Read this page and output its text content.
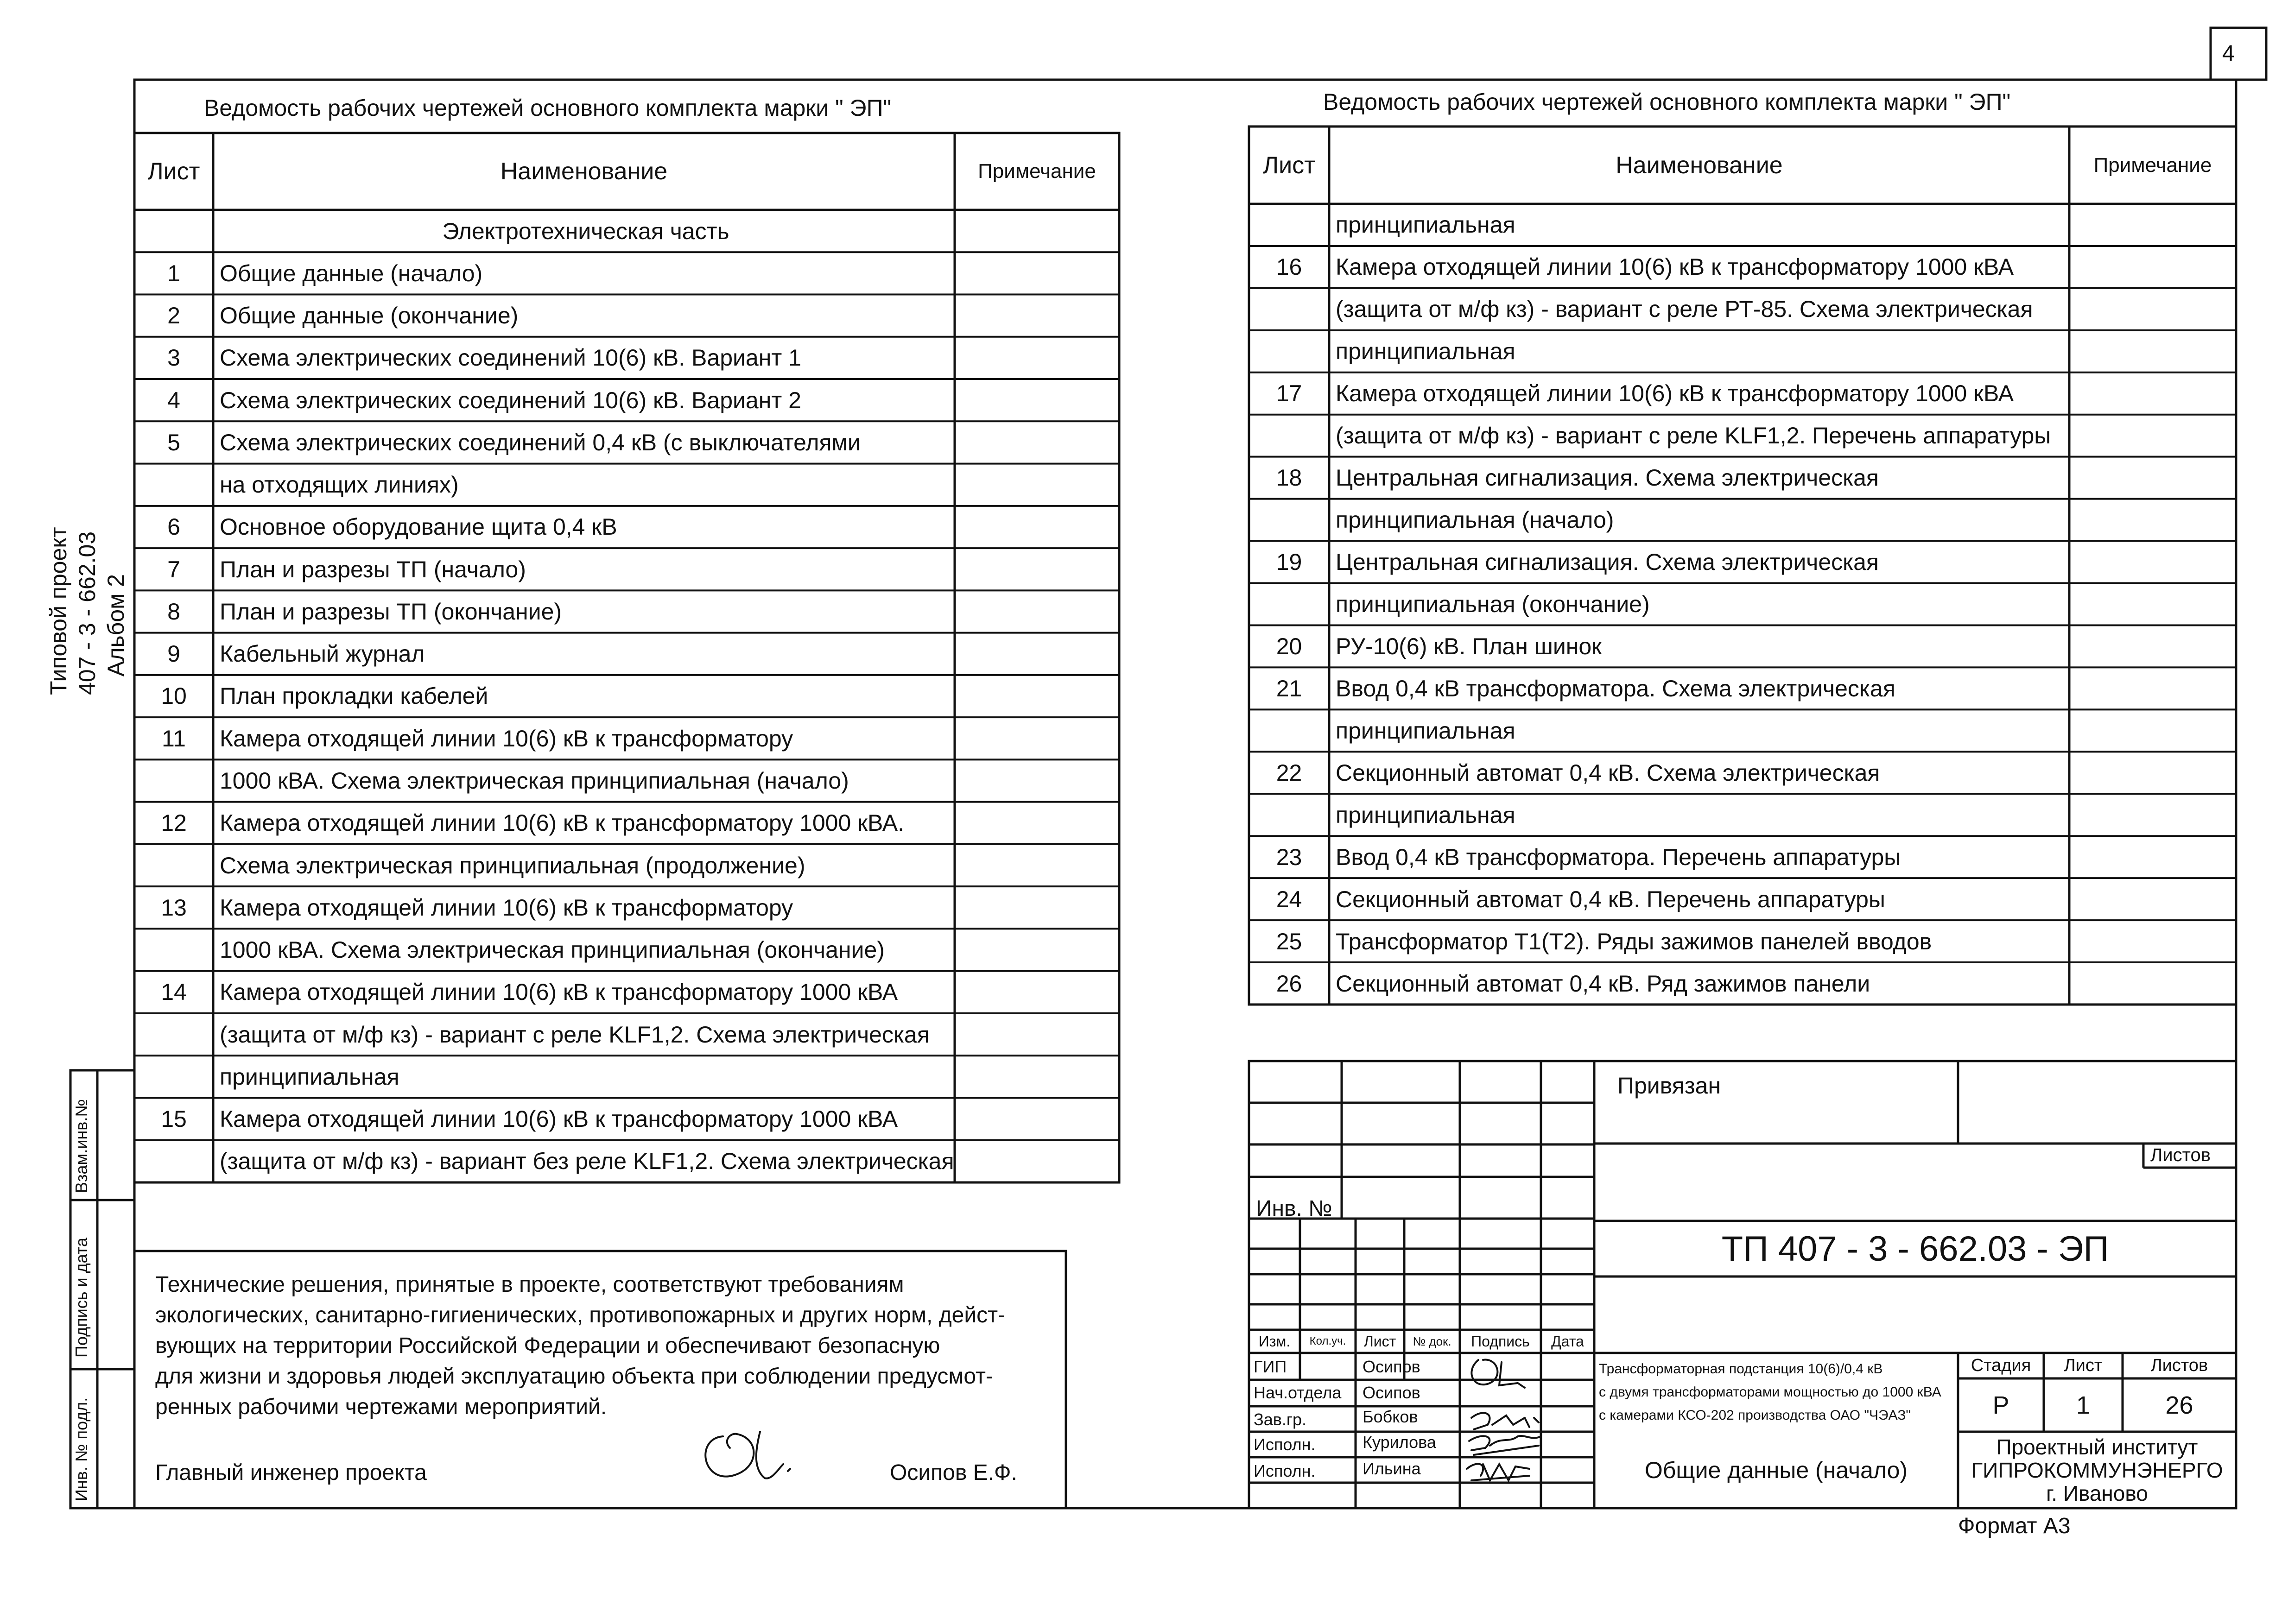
4
Типовой проект 407 - 3 - 662.03 Альбом 2
Взам.инв.№
Подпись и дата
Инв. № подл.
Ведомость рабочих чертежей основного комплекта марки " ЭП"
Лист	Наименование	Примечание
Электротехническая часть
1	Общие данные (начало)
2	Общие данные (окончание)
3	Схема электрических соединений 10(6) кВ. Вариант 1
4	Схема электрических соединений 10(6) кВ. Вариант 2
5	Схема электрических соединений 0,4 кВ (с выключателями
на отходящих линиях)
6	Основное оборудование щита 0,4 кВ
7	План и разрезы ТП (начало)
8	План и разрезы ТП (окончание)
9	Кабельный журнал
10	План прокладки кабелей
11	Камера отходящей линии 10(6) кВ к трансформатору
1000 кВА. Схема электрическая принципиальная (начало)
12	Камера отходящей линии 10(6) кВ к трансформатору 1000 кВА.
Схема электрическая принципиальная (продолжение)
13	Камера отходящей линии 10(6) кВ к трансформатору
1000 кВА. Схема электрическая принципиальная (окончание)
14	Камера отходящей линии 10(6) кВ к трансформатору 1000 кВА
(защита от м/ф кз) - вариант с реле KLF1,2. Схема электрическая
принципиальная
15	Камера отходящей линии 10(6) кВ к трансформатору 1000 кВА
(защита от м/ф кз) - вариант без реле KLF1,2. Схема электрическая
Ведомость рабочих чертежей основного комплекта марки " ЭП"
Лист	Наименование	Примечание
принципиальная
16	Камера отходящей линии 10(6) кВ к трансформатору 1000 кВА
(защита от м/ф кз) - вариант с реле РТ-85. Схема электрическая
принципиальная
17	Камера отходящей линии 10(6) кВ к трансформатору 1000 кВА
(защита от м/ф кз) - вариант с реле KLF1,2. Перечень аппаратуры
18	Центральная сигнализация. Схема электрическая
принципиальная (начало)
19	Центральная сигнализация. Схема электрическая
принципиальная (окончание)
20	РУ-10(6) кВ. План шинок
21	Ввод 0,4 кВ трансформатора. Схема электрическая
принципиальная
22	Секционный автомат 0,4 кВ. Схема электрическая
принципиальная
23	Ввод 0,4 кВ трансформатора. Перечень аппаратуры
24	Секционный автомат 0,4 кВ. Перечень аппаратуры
25	Трансформатор Т1(Т2). Ряды зажимов панелей вводов
26	Секционный автомат 0,4 кВ. Ряд зажимов панели
Технические решения, принятые в проекте, соответствуют требованиям
экологических, санитарно-гигиенических, противопожарных и других норм, дейст-
вующих на территории Российской Федерации и обеспечивают безопасную
для жизни и здоровья людей эксплуатацию объекта при соблюдении предусмот-
ренных рабочими чертежами мероприятий.
Главный инженер проекта	Осипов Е.Ф.
Привязан
Листов
Инв. №
ТП 407 - 3 - 662.03 - ЭП
Изм.	Кол.уч.	Лист	№ док.	Подпись	Дата
ГИП	Осипов
Нач.отдела Осипов
Зав.гр.	Бобков
Исполн.	Курилова
Исполн.	Ильина
Трансформаторная подстанция 10(6)/0,4 кВ
с двумя трансформаторами мощностью до 1000 кВА
с камерами КСО-202 производства ОАО "ЧЭАЗ"
Стадия	Лист	Листов
Р	1	26
Общие данные (начало)
Проектный институт
ГИПРОКОММУНЭНЕРГО
г. Иваново
Формат А3
